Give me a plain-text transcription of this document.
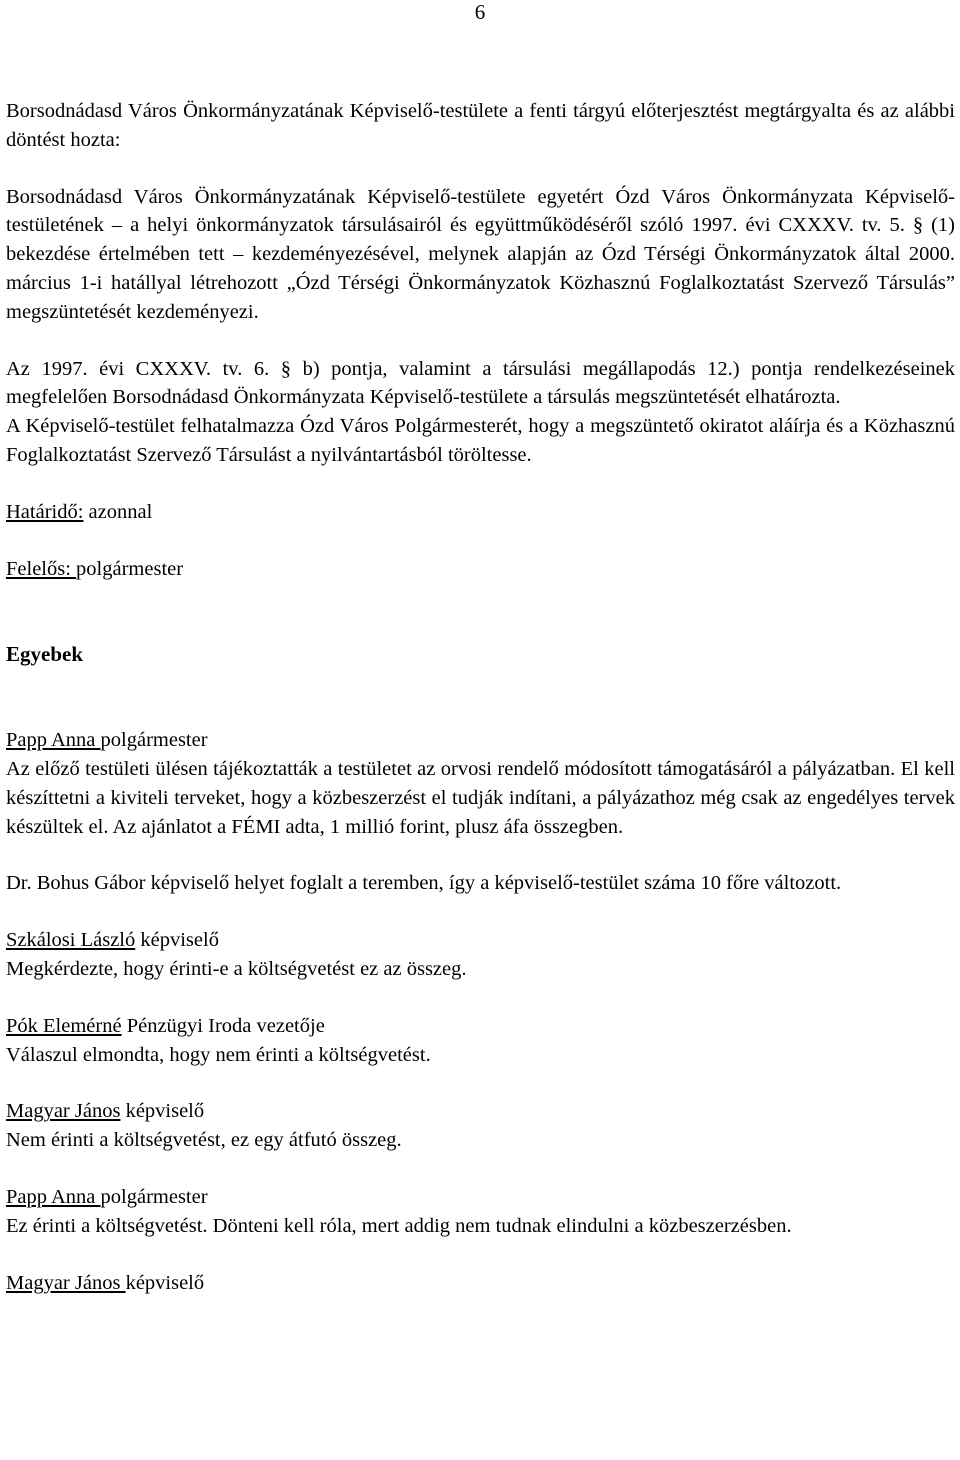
6

Borsodnádasd Város Önkormányzatának Képviselő-testülete a fenti tárgyú előterjesztést megtárgyalta és az alábbi döntést hozta:

Borsodnádasd Város Önkormányzatának Képviselő-testülete egyetért Ózd Város Önkormányzata Képviselő-testületének – a helyi önkormányzatok társulásairól és együttműködéséről szóló 1997. évi CXXXV. tv. 5. § (1) bekezdése értelmében tett – kezdeményezésével, melynek alapján az Ózd Térségi Önkormányzatok által 2000. március 1-i hatállyal létrehozott „Ózd Térségi Önkormányzatok Közhasznú Foglalkoztatást Szervező Társulás” megszüntetését kezdeményezi.

Az 1997. évi CXXXV. tv. 6. § b) pontja, valamint a társulási megállapodás 12.) pontja rendelkezéseinek megfelelően Borsodnádasd Önkormányzata Képviselő-testülete a társulás megszüntetését elhatározta.

A Képviselő-testület felhatalmazza Ózd Város Polgármesterét, hogy a megszüntető okiratot aláírja és a Közhasznú Foglalkoztatást Szervező Társulást a nyilvántartásból töröltesse.

Határidő: azonnal

Felelős: polgármester

Egyebek

Papp Anna polgármester

Az előző testületi ülésen tájékoztatták a testületet az orvosi rendelő módosított támogatásáról a pályázatban. El kell készíttetni a kiviteli terveket, hogy a közbeszerzést el tudják indítani, a pályázathoz még csak az engedélyes tervek készültek el. Az ajánlatot a FÉMI adta, 1 millió forint, plusz áfa összegben.

Dr. Bohus Gábor képviselő helyet foglalt a teremben, így a képviselő-testület száma 10 főre változott.

Szkálosi László képviselő

Megkérdezte, hogy érinti-e a költségvetést ez az összeg.

Pók Elemérné Pénzügyi Iroda vezetője

Válaszul elmondta, hogy nem érinti a költségvetést.

Magyar János képviselő

Nem érinti a költségvetést, ez egy átfutó összeg.

Papp Anna polgármester

Ez érinti a költségvetést. Dönteni kell róla, mert addig nem tudnak elindulni a közbeszerzésben.

Magyar János képviselő
